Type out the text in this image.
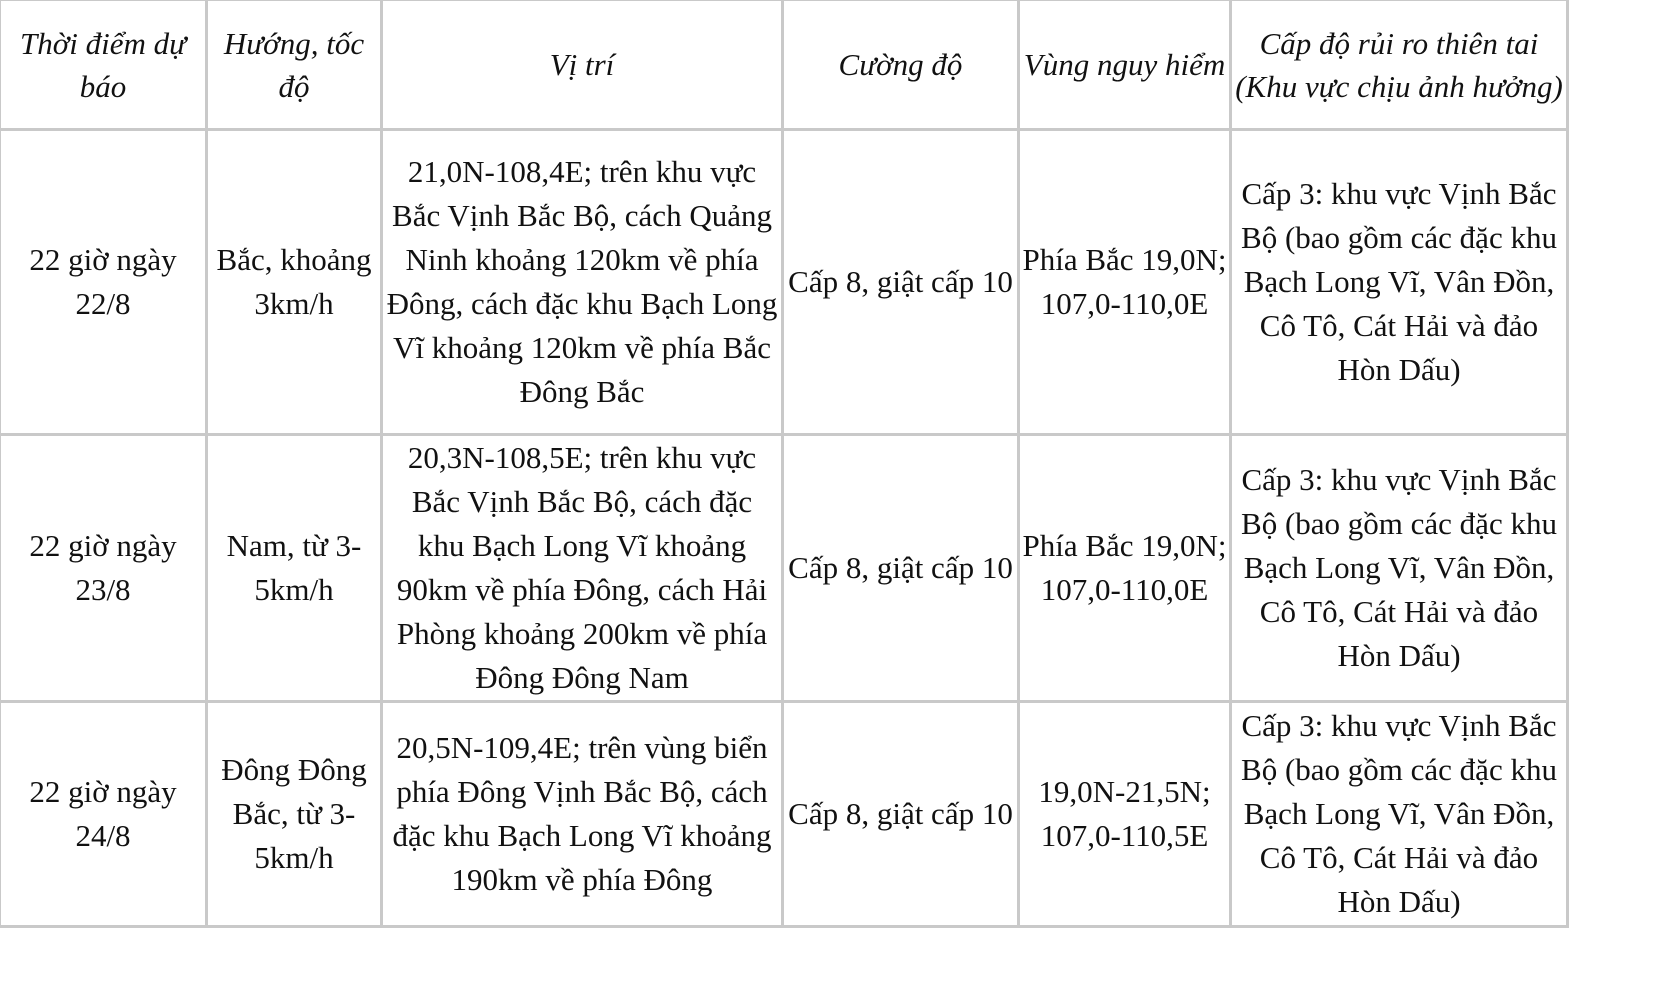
Thời điểm dự báo	Hướng, tốc độ	Vị trí	Cường độ	Vùng nguy hiểm	Cấp độ rủi ro thiên tai (Khu vực chịu ảnh hưởng)
22 giờ ngày 22/8	Bắc, khoảng 3km/h	21,0N-108,4E; trên khu vực Bắc Vịnh Bắc Bộ, cách Quảng Ninh khoảng 120km về phía Đông, cách đặc khu Bạch Long Vĩ khoảng 120km về phía Bắc Đông Bắc	Cấp 8, giật cấp 10	Phía Bắc 19,0N; 107,0-110,0E	Cấp 3: khu vực Vịnh Bắc Bộ (bao gồm các đặc khu Bạch Long Vĩ, Vân Đồn, Cô Tô, Cát Hải và đảo Hòn Dấu)
22 giờ ngày 23/8	Nam, từ 3-5km/h	20,3N-108,5E; trên khu vực Bắc Vịnh Bắc Bộ, cách đặc khu Bạch Long Vĩ khoảng 90km về phía Đông, cách Hải Phòng khoảng 200km về phía Đông Đông Nam	Cấp 8, giật cấp 10	Phía Bắc 19,0N; 107,0-110,0E	Cấp 3: khu vực Vịnh Bắc Bộ (bao gồm các đặc khu Bạch Long Vĩ, Vân Đồn, Cô Tô, Cát Hải và đảo Hòn Dấu)
22 giờ ngày 24/8	Đông Đông Bắc, từ 3-5km/h	20,5N-109,4E; trên vùng biển phía Đông Vịnh Bắc Bộ, cách đặc khu Bạch Long Vĩ khoảng 190km về phía Đông	Cấp 8, giật cấp 10	19,0N-21,5N; 107,0-110,5E	Cấp 3: khu vực Vịnh Bắc Bộ (bao gồm các đặc khu Bạch Long Vĩ, Vân Đồn, Cô Tô, Cát Hải và đảo Hòn Dấu)
